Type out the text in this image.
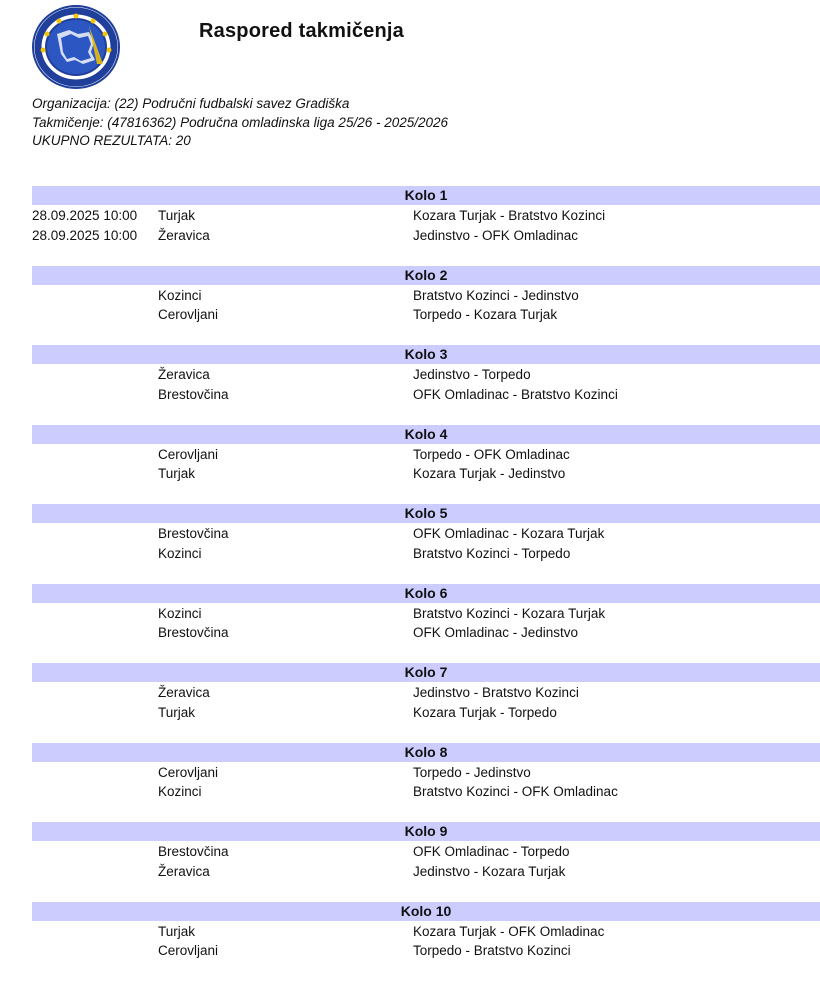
Raspored takmičenja
Organizacija: (22) Područni fudbalski savez Gradiška
Takmičenje: (47816362) Područna omladinska liga 25/26 - 2025/2026
UKUPNO REZULTATA: 20
Kolo 1
28.09.2025 10:00 Turjak	Kozara Turjak - Bratstvo Kozinci
28.09.2025 10:00 Žeravica	Jedinstvo - OFK Omladinac
Kolo 2
Kozinci	Bratstvo Kozinci - Jedinstvo
Cerovljani	Torpedo - Kozara Turjak
Kolo 3
Žeravica	Jedinstvo - Torpedo
Brestovčina	OFK Omladinac - Bratstvo Kozinci
Kolo 4
Cerovljani	Torpedo - OFK Omladinac
Turjak	Kozara Turjak - Jedinstvo
Kolo 5
Brestovčina	OFK Omladinac - Kozara Turjak
Kozinci	Bratstvo Kozinci - Torpedo
Kolo 6
Kozinci	Bratstvo Kozinci - Kozara Turjak
Brestovčina	OFK Omladinac - Jedinstvo
Kolo 7
Žeravica	Jedinstvo - Bratstvo Kozinci
Turjak	Kozara Turjak - Torpedo
Kolo 8
Cerovljani	Torpedo - Jedinstvo
Kozinci	Bratstvo Kozinci - OFK Omladinac
Kolo 9
Brestovčina	OFK Omladinac - Torpedo
Žeravica	Jedinstvo - Kozara Turjak
Kolo 10
Turjak	Kozara Turjak - OFK Omladinac
Cerovljani	Torpedo - Bratstvo Kozinci
